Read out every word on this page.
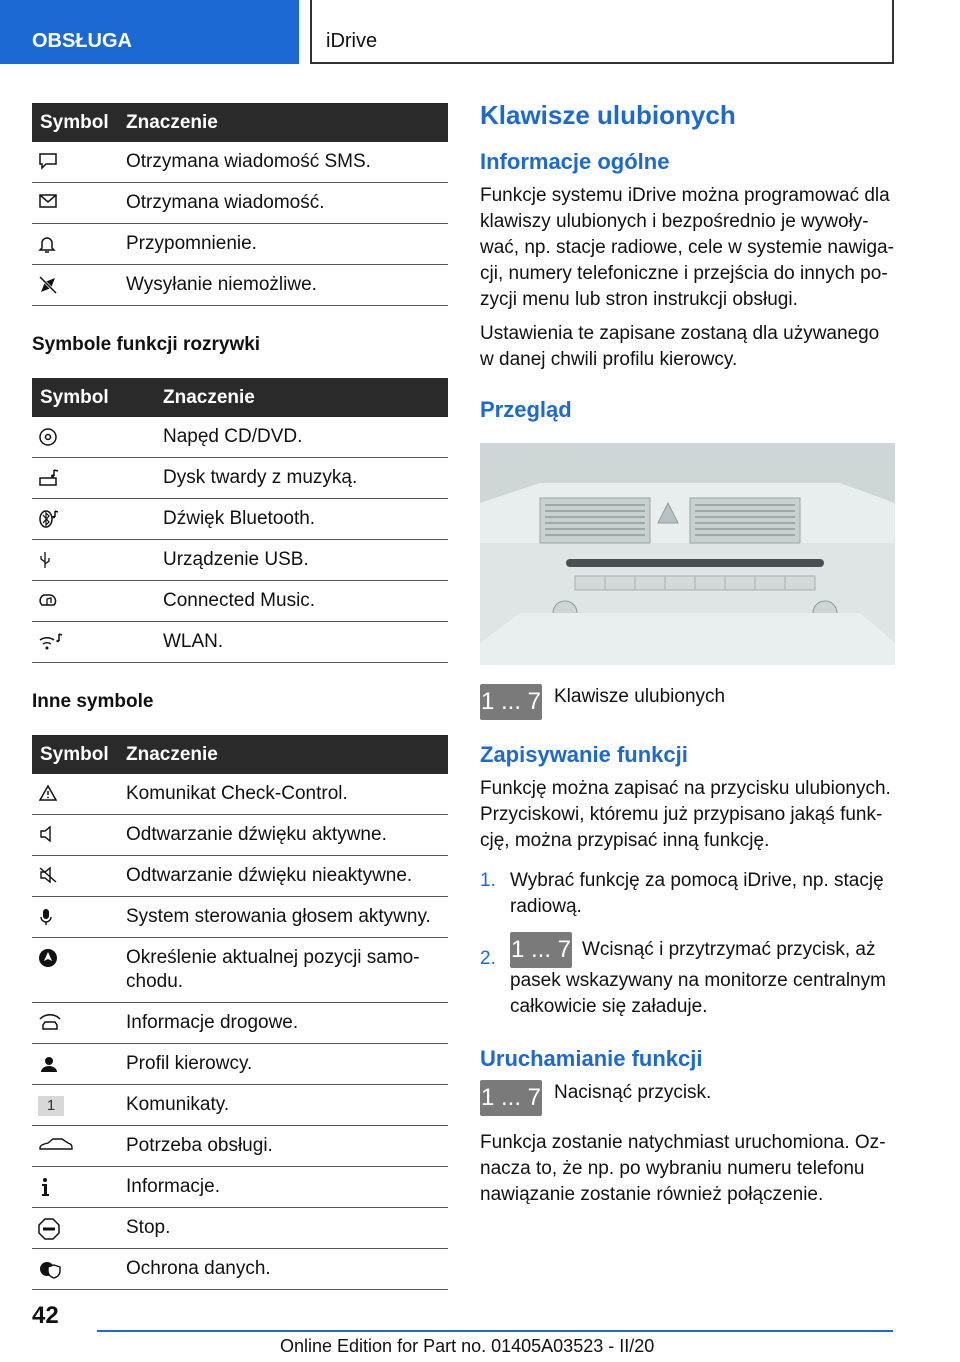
OBSŁUGA	iDrive
Symbol	Znaczenie

	Otrzymana wiadomość SMS.

	Otrzymana wiadomość.

	Przypomnienie.

	Wysyłanie niemożliwe.
Symbole funkcji rozrywki
Symbol	Znaczenie

	Napęd CD/DVD.

	Dysk twardy z muzyką.

	Dźwięk Bluetooth.

	Urządzenie USB.

	Connected Music.

	WLAN.
Inne symbole
Symbol	Znaczenie

	Komunikat Check-Control.

	Odtwarzanie dźwięku aktywne.

	Odtwarzanie dźwięku nieaktywne.

	System sterowania głosem aktywny.

	Określenie aktualnej pozycji samochodu.

	Informacje drogowe.

	Profil kierowcy.
1	Komunikaty.

	Potrzeba obsługi.

	Informacje.

	Stop.

	Ochrona danych.
Klawisze ulubionych
Informacje ogólne

Funkcje systemu iDrive można programować dla klawiszy ulubionych i bezpośrednio je wywoływać, np. stacje radiowe, cele w systemie nawigacji, numery telefoniczne i przejścia do innych pozycji menu lub stron instrukcji obsługi.

Ustawienia te zapisane zostaną dla używanego w danej chwili profilu kierowcy.

Przegląd
1 ... 7 Klawisze ulubionych
Zapisywanie funkcji

Funkcję można zapisać na przycisku ulubionych. Przyciskowi, któremu już przypisano jakąś funkcję, można przypisać inną funkcję.

1. Wybrać funkcję za pomocą iDrive, np. stację radiową.
2. 1 ... 7 Wcisnąć i przytrzymać przycisk, aż pasek wskazywany na monitorze centralnym całkowicie się załaduje.
Uruchamianie funkcji
1 ... 7 Nacisnąć przycisk.

Funkcja zostanie natychmiast uruchomiona. Oznacza to, że np. po wybraniu numeru telefonu nawiązanie zostanie również połączenie.

42
Online Edition for Part no. 01405A03523 - II/20
